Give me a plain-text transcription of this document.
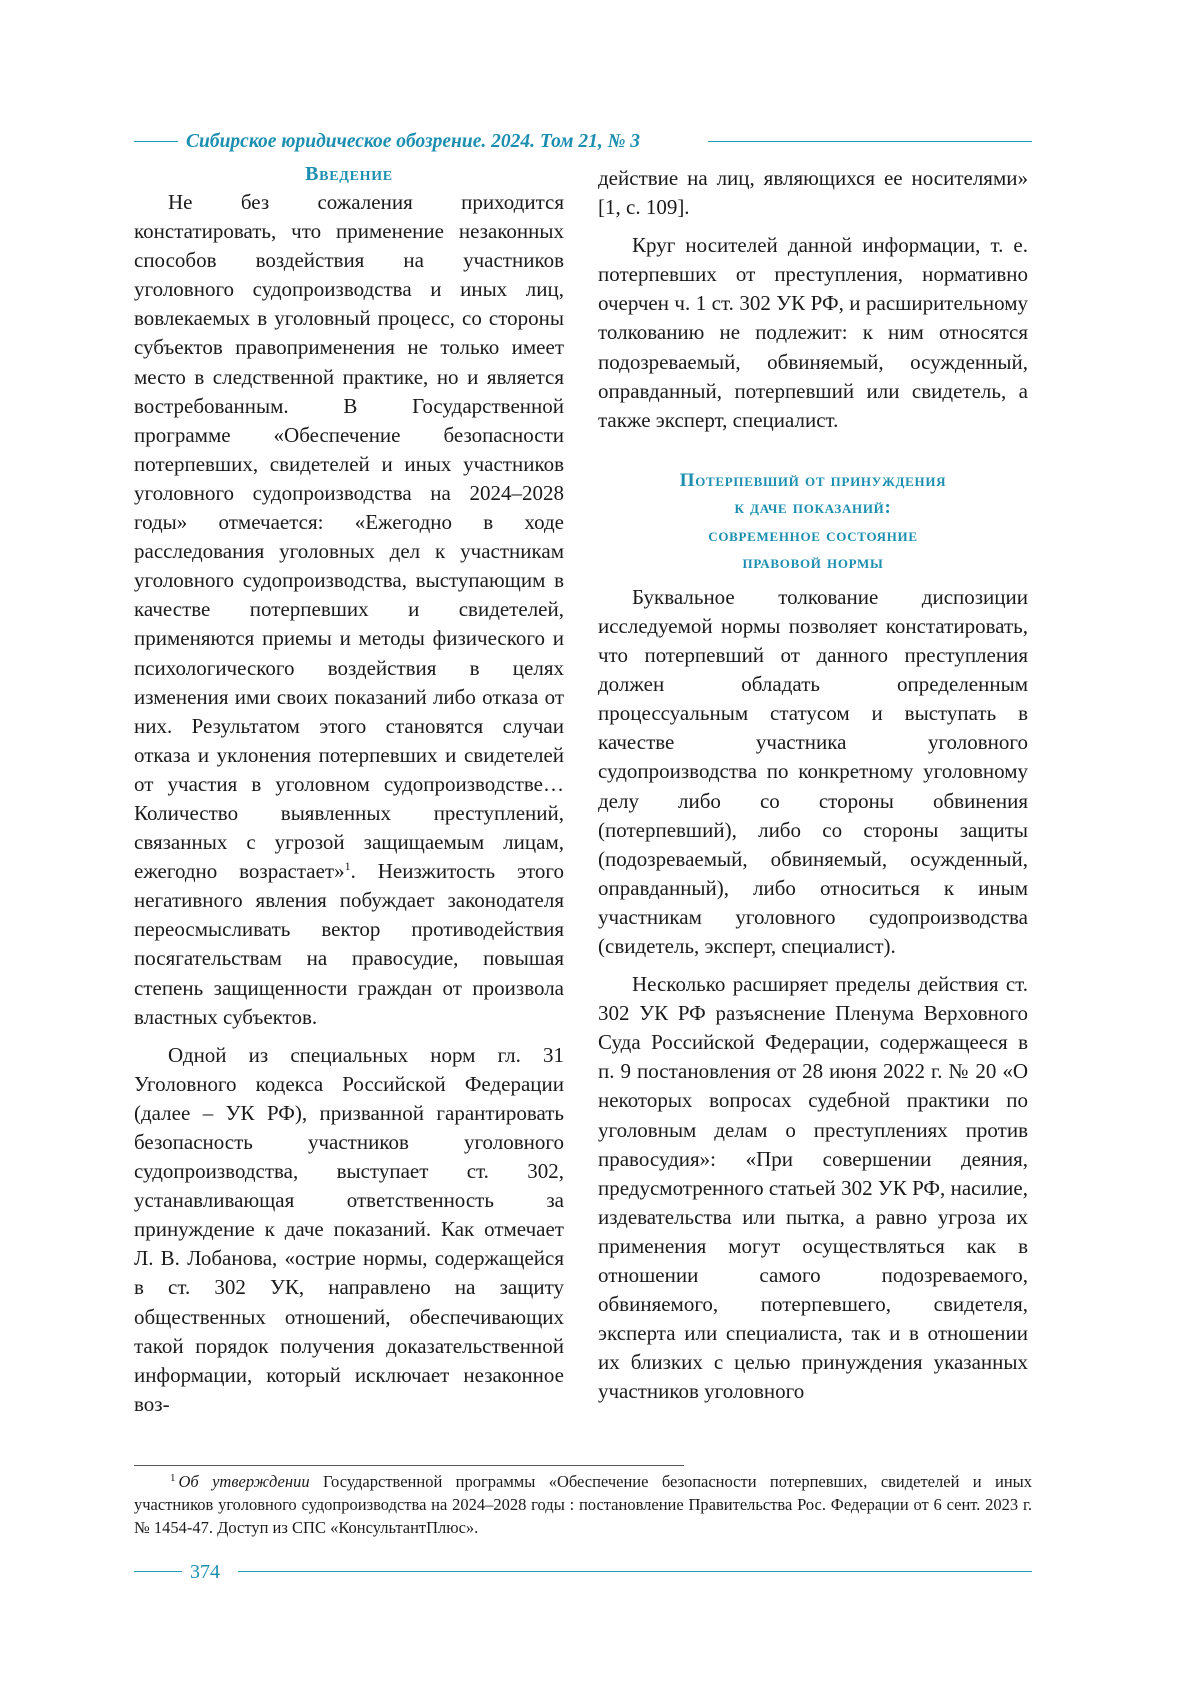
Сибирское юридическое обозрение. 2024. Том 21, № 3
Введение

Не без сожаления приходится констатировать, что применение незаконных способов воздействия на участников уголовного судопроизводства и иных лиц, вовлекаемых в уголовный процесс, со стороны субъектов правоприменения не только имеет место в следственной практике, но и является востребованным. В Государственной программе «Обеспечение безопасности потерпевших, свидетелей и иных участников уголовного судопроизводства на 2024–2028 годы» отмечается: «Ежегодно в ходе расследования уголовных дел к участникам уголовного судопроизводства, выступающим в качестве потерпевших и свидетелей, применяются приемы и методы физического и психологического воздействия в целях изменения ими своих показаний либо отказа от них. Результатом этого становятся случаи отказа и уклонения потерпевших и свидетелей от участия в уголовном судопроизводстве… Количество выявленных преступлений, связанных с угрозой защищаемым лицам, ежегодно возрастает»$^1$. Неизжитость этого негативного явления побуждает законодателя переосмысливать вектор противодействия посягательствам на правосудие, повышая степень защищенности граждан от произвола властных субъектов.

Одной из специальных норм гл. 31 Уголовного кодекса Российской Федерации (далее – УК РФ), призванной гарантировать безопасность участников уголовного судопроизводства, выступает ст. 302, устанавливающая ответственность за принуждение к даче показаний. Как отмечает Л. В. Лобанова, «острие нормы, содержащейся в ст. 302 УК, направлено на защиту общественных отношений, обеспечивающих такой порядок получения доказательственной информации, который исключает незаконное воз-

действие на лиц, являющихся ее носителями» [1, с. 109].

Круг носителей данной информации, т. е. потерпевших от преступления, нормативно очерчен ч. 1 ст. 302 УК РФ, и расширительному толкованию не подлежит: к ним относятся подозреваемый, обвиняемый, осужденный, оправданный, потерпевший или свидетель, а также эксперт, специалист.

Потерпевший от принуждения
к даче показаний:
современное состояние
правовой нормы

Буквальное толкование диспозиции исследуемой нормы позволяет констатировать, что потерпевший от данного преступления должен обладать определенным процессуальным статусом и выступать в качестве участника уголовного судопроизводства по конкретному уголовному делу либо со стороны обвинения (потерпевший), либо со стороны защиты (подозреваемый, обвиняемый, осужденный, оправданный), либо относиться к иным участникам уголовного судопроизводства (свидетель, эксперт, специалист).

Несколько расширяет пределы действия ст. 302 УК РФ разъяснение Пленума Верховного Суда Российской Федерации, содержащееся в п. 9 постановления от 28 июня 2022 г. № 20 «О некоторых вопросах судебной практики по уголовным делам о преступлениях против правосудия»: «При совершении деяния, предусмотренного статьей 302 УК РФ, насилие, издевательства или пытка, а равно угроза их применения могут осуществляться как в отношении самого подозреваемого, обвиняемого, потерпевшего, свидетеля, эксперта или специалиста, так и в отношении их близких с целью принуждения указанных участников уголовного

$^1$ Об утверждении Государственной программы «Обеспечение безопасности потерпевших, свидетелей и иных участников уголовного судопроизводства на 2024–2028 годы : постановление Правительства Рос. Федерации от 6 сент. 2023 г. № 1454-47. Доступ из СПС «КонсультантПлюс».
374
